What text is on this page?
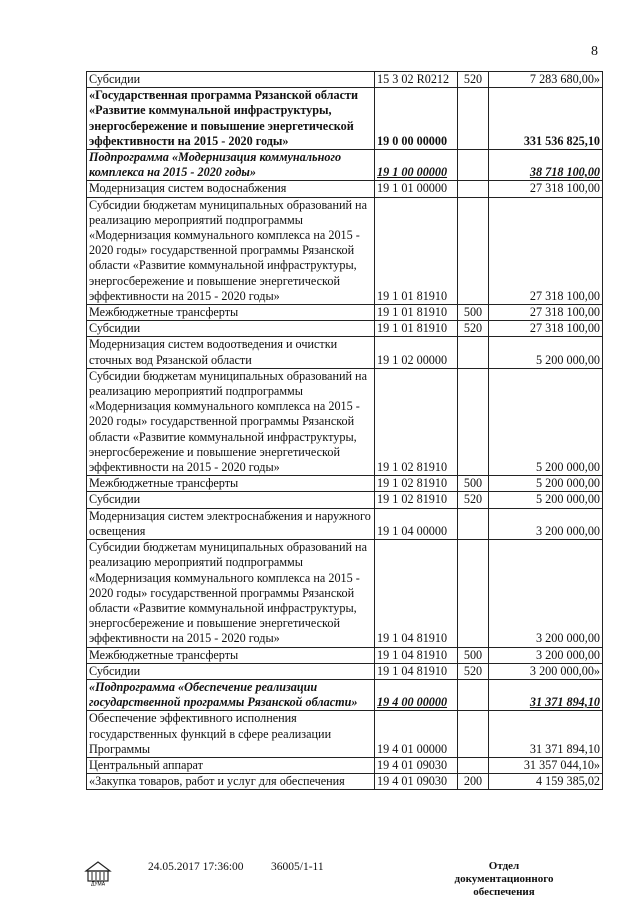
8
Субсидии	15 3 02 R0212	520	7 283 680,00»
«Государственная программа Рязанской области «Развитие коммунальной инфраструктуры, энергосбережение и повышение энергетической эффективности на 2015 - 2020 годы»	19 0 00 00000		331 536 825,10
Подпрограмма «Модернизация коммунального комплекса на 2015 - 2020 годы»	19 1 00 00000		38 718 100,00
Модернизация систем водоснабжения	19 1 01 00000		27 318 100,00
Субсидии бюджетам муниципальных образований на реализацию мероприятий подпрограммы «Модернизация коммунального комплекса на 2015 - 2020 годы» государственной программы Рязанской области «Развитие коммунальной инфраструктуры, энергосбережение и повышение энергетической эффективности на 2015 - 2020 годы»	19 1 01 81910		27 318 100,00
Межбюджетные трансферты	19 1 01 81910	500	27 318 100,00
Субсидии	19 1 01 81910	520	27 318 100,00
Модернизация систем водоотведения и очистки сточных вод Рязанской области	19 1 02 00000		5 200 000,00
Субсидии бюджетам муниципальных образований на реализацию мероприятий подпрограммы «Модернизация коммунального комплекса на 2015 - 2020 годы» государственной программы Рязанской области «Развитие коммунальной инфраструктуры, энергосбережение и повышение энергетической эффективности на 2015 - 2020 годы»	19 1 02 81910		5 200 000,00
Межбюджетные трансферты	19 1 02 81910	500	5 200 000,00
Субсидии	19 1 02 81910	520	5 200 000,00
Модернизация систем электроснабжения и наружного освещения	19 1 04 00000		3 200 000,00
Субсидии бюджетам муниципальных образований на реализацию мероприятий подпрограммы «Модернизация коммунального комплекса на 2015 - 2020 годы» государственной программы Рязанской области «Развитие коммунальной инфраструктуры, энергосбережение и повышение энергетической эффективности на 2015 - 2020 годы»	19 1 04 81910		3 200 000,00
Межбюджетные трансферты	19 1 04 81910	500	3 200 000,00
Субсидии	19 1 04 81910	520	3 200 000,00»
«Подпрограмма «Обеспечение реализации государственной программы Рязанской области»	19 4 00 00000		31 371 894,10
Обеспечение эффективного исполнения государственных функций в сфере реализации Программы	19 4 01 00000		31 371 894,10
Центральный аппарат	19 4 01 09030		31 357 044,10»
«Закупка товаров, работ и услуг для обеспечения	19 4 01 09030	200	4 159 385,02
ДУМА
24.05.2017 17:36:00 36005/1-11	Отдел документационного
обеспечения
